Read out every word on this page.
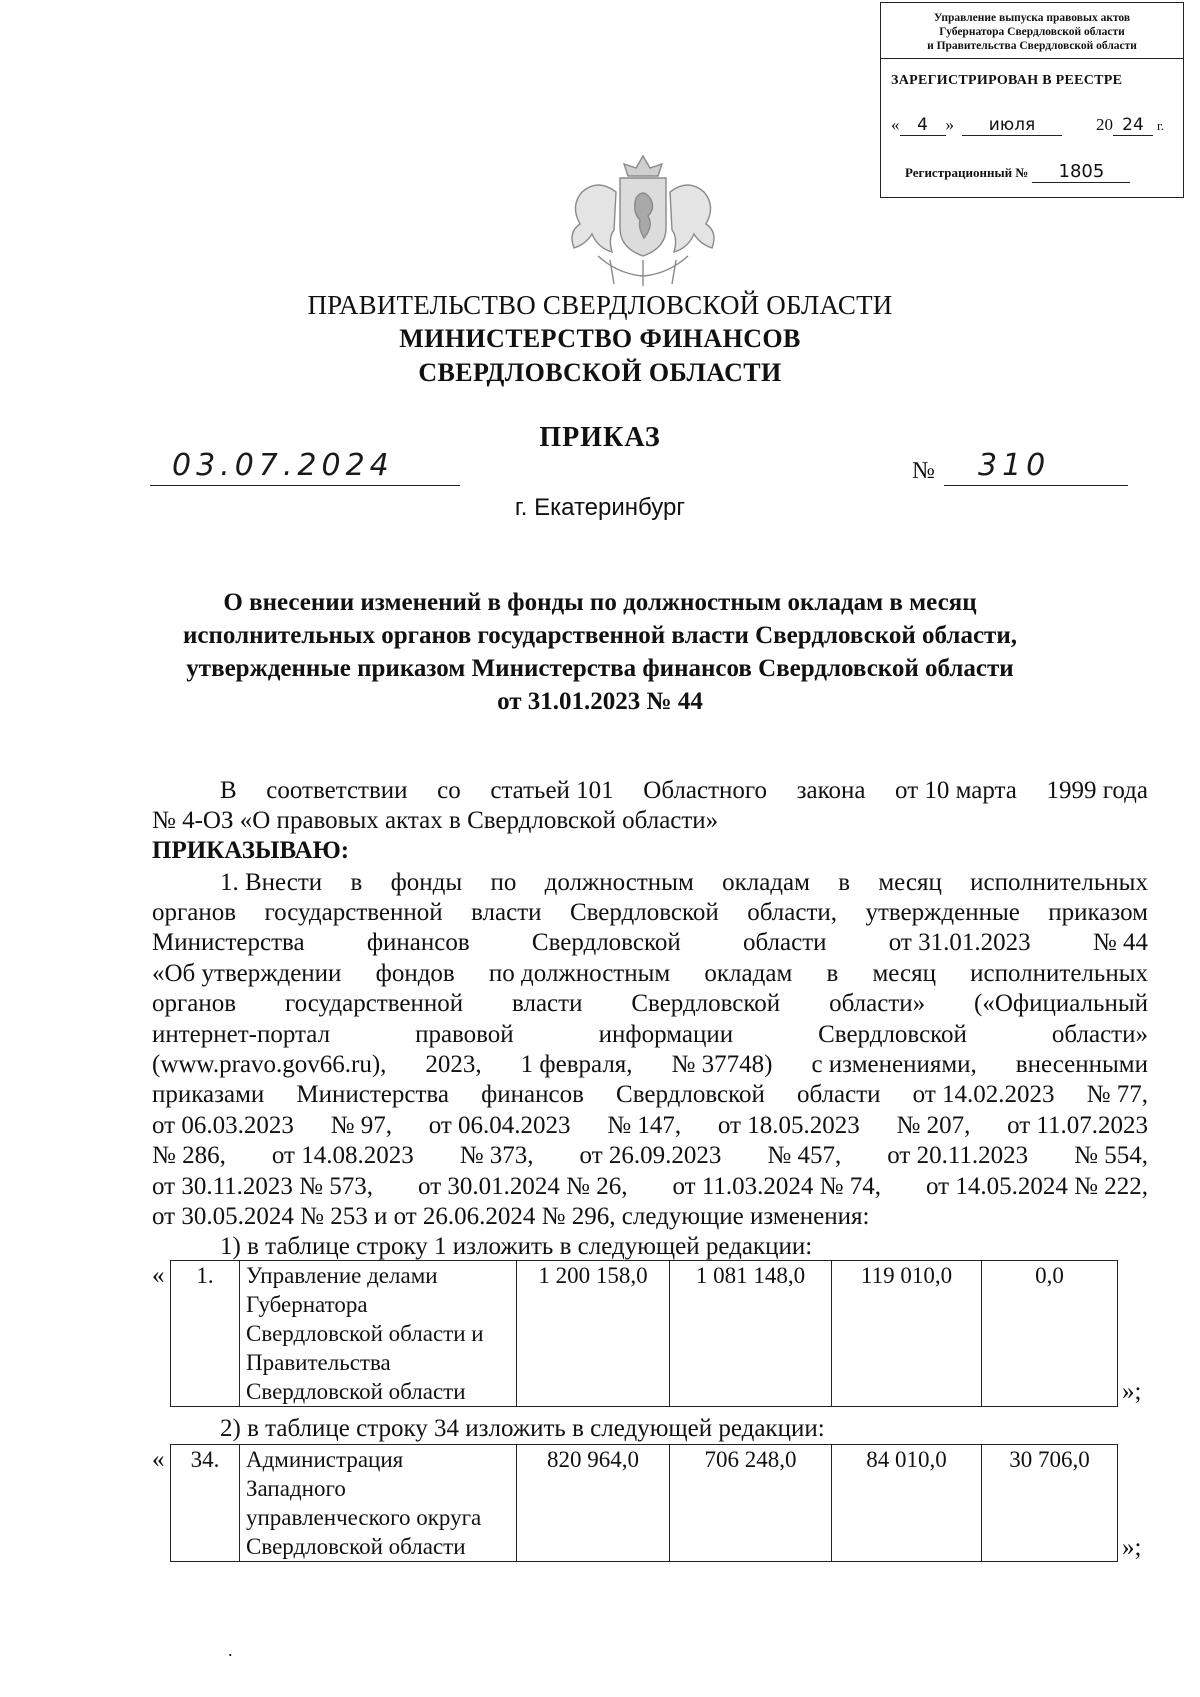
Управление выпуска правовых актов
Губернатора Свердловской области
и Правительства Свердловской области
ЗАРЕГИСТРИРОВАН В РЕЕСТРЕ
« 4 » июля	20 24 г.
Регистрационный № 1805
ПРАВИТЕЛЬСТВО СВЕРДЛОВСКОЙ ОБЛАСТИ
МИНИСТЕРСТВО ФИНАНСОВ
СВЕРДЛОВСКОЙ ОБЛАСТИ
ПРИКАЗ
03.07.2024	№ 310
г. Екатеринбург
О внесении изменений в фонды по должностным окладам в месяц
исполнительных органов государственной власти Свердловской области,
утвержденные приказом Министерства финансов Свердловской области
от 31.01.2023 № 44
В соответствии со статьей 101 Областного закона от 10 марта 1999 года
№ 4-ОЗ «О правовых актах в Свердловской области»
ПРИКАЗЫВАЮ:
1. Внести в фонды по должностным окладам в месяц исполнительных
органов государственной власти Свердловской области, утвержденные приказом
Министерства финансов Свердловской области от 31.01.2023 № 44
«Об утверждении фондов по должностным окладам в месяц исполнительных
органов государственной власти Свердловской области» («Официальный
интернет-портал	правовой	информации	Свердловской	области»
(www.pravo.gov66.ru), 2023, 1 февраля, № 37748) с изменениями, внесенными
приказами Министерства финансов Свердловской области от 14.02.2023 № 77,
от 06.03.2023 № 97, от 06.04.2023 № 147, от 18.05.2023 № 207, от 11.07.2023
№ 286, от 14.08.2023 № 373, от 26.09.2023 № 457, от 20.11.2023 № 554,
от 30.11.2023 № 573, от 30.01.2024 № 26, от 11.03.2024 № 74, от 14.05.2024 № 222,
от 30.05.2024 № 253 и от 26.06.2024 № 296, следующие изменения:
1) в таблице строку 1 изложить в следующей редакции:
« 1.	Управление делами
Губернатора
Свердловской области и
Правительства
Свердловской области
	1 200 158,0	1 081 148,0	119 010,0	0,0
»;
2) в таблице строку 34 изложить в следующей редакции:
« 34.	Администрация
Западного
управленческого округа
Свердловской области
	820 964,0	706 248,0	84 010,0	30 706,0
»;
.
